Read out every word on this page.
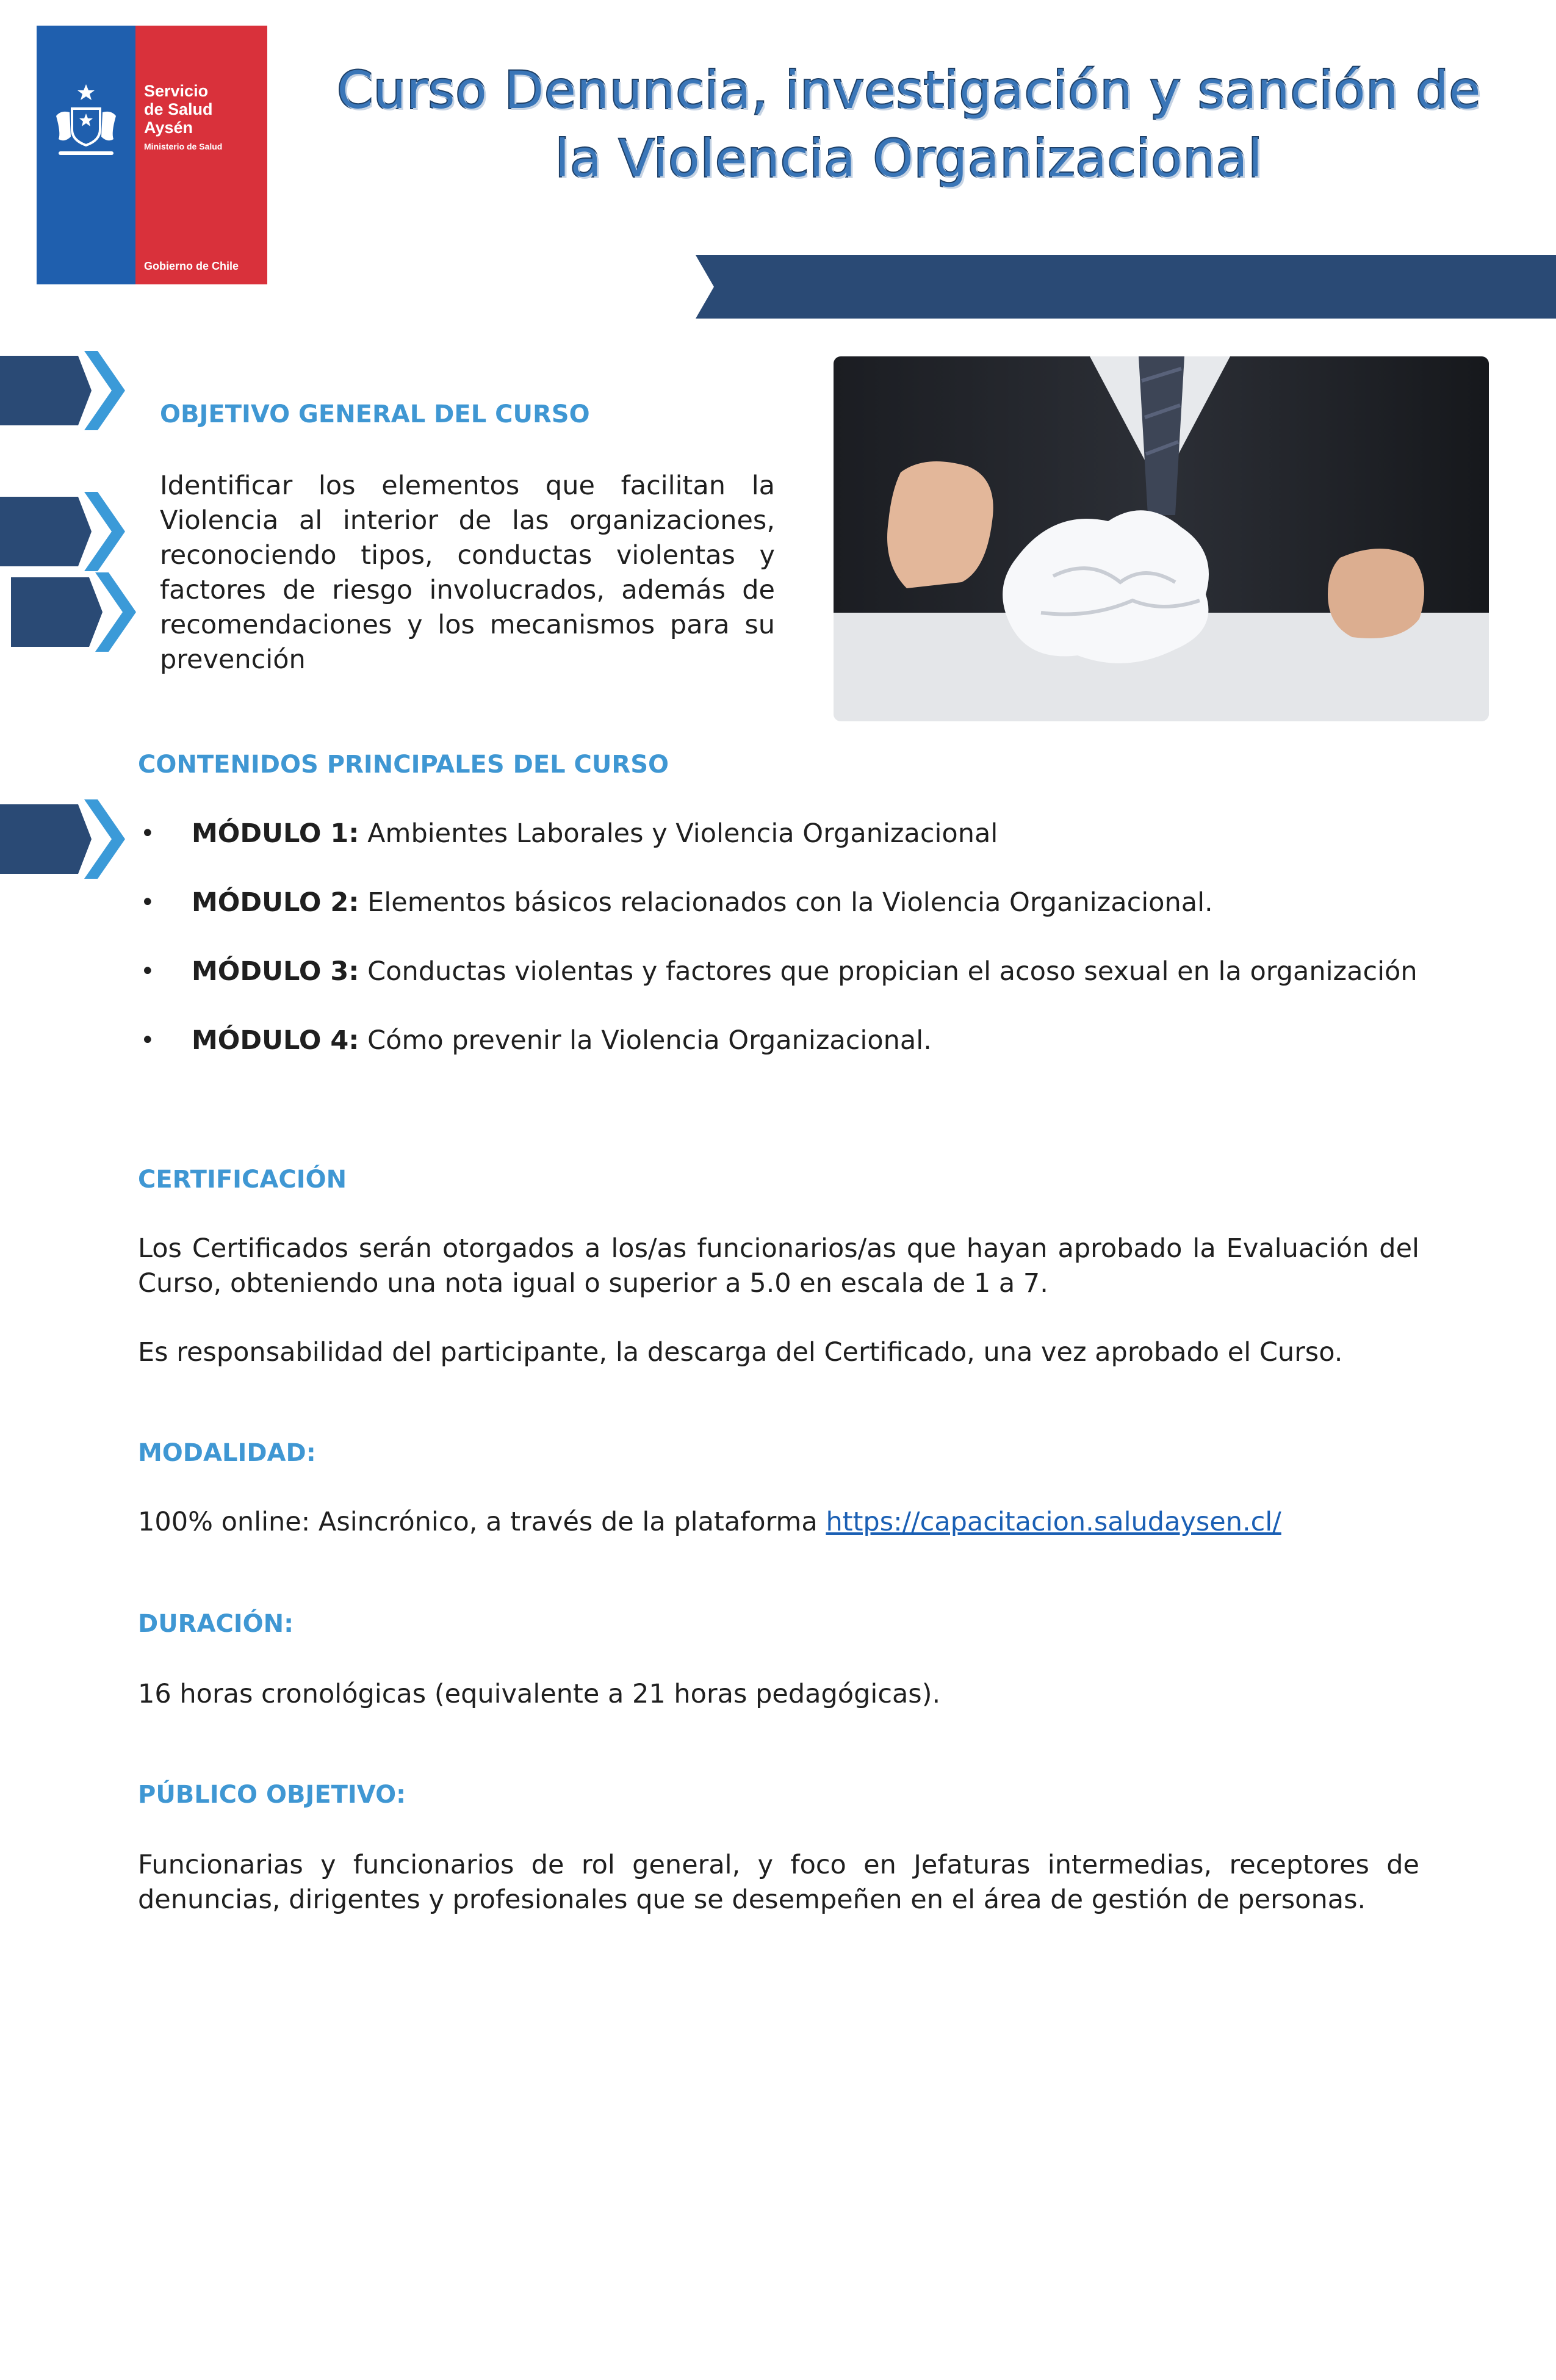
Servicio
de Salud
Aysén
Ministerio de Salud
Gobierno de Chile
Curso Denuncia, investigación y sanción de
la Violencia Organizacional
OBJETIVO GENERAL DEL CURSO
Identificar los elementos que facilitan la Violencia al interior de las organizaciones, reconociendo tipos, conductas violentas y factores de riesgo involucrados, además de recomendaciones y los mecanismos para su prevención
CONTENIDOS PRINCIPALES DEL CURSO
• MÓDULO 1: Ambientes Laborales y Violencia Organizacional
• MÓDULO 2: Elementos básicos relacionados con la Violencia Organizacional.
• MÓDULO 3: Conductas violentas y factores que propician el acoso sexual en la organización
• MÓDULO 4: Cómo prevenir la Violencia Organizacional.
CERTIFICACIÓN
Los Certificados serán otorgados a los/as funcionarios/as que hayan aprobado la Evaluación del Curso, obteniendo una nota igual o superior a 5.0 en escala de 1 a 7.
Es responsabilidad del participante, la descarga del Certificado, una vez aprobado el Curso.
MODALIDAD:
100% online: Asincrónico, a través de la plataforma https://capacitacion.saludaysen.cl/
DURACIÓN:
16 horas cronológicas (equivalente a 21 horas pedagógicas).
PÚBLICO OBJETIVO:
Funcionarias y funcionarios de rol general, y foco en Jefaturas intermedias, receptores de denuncias, dirigentes y profesionales que se desempeñen en el área de gestión de personas.
